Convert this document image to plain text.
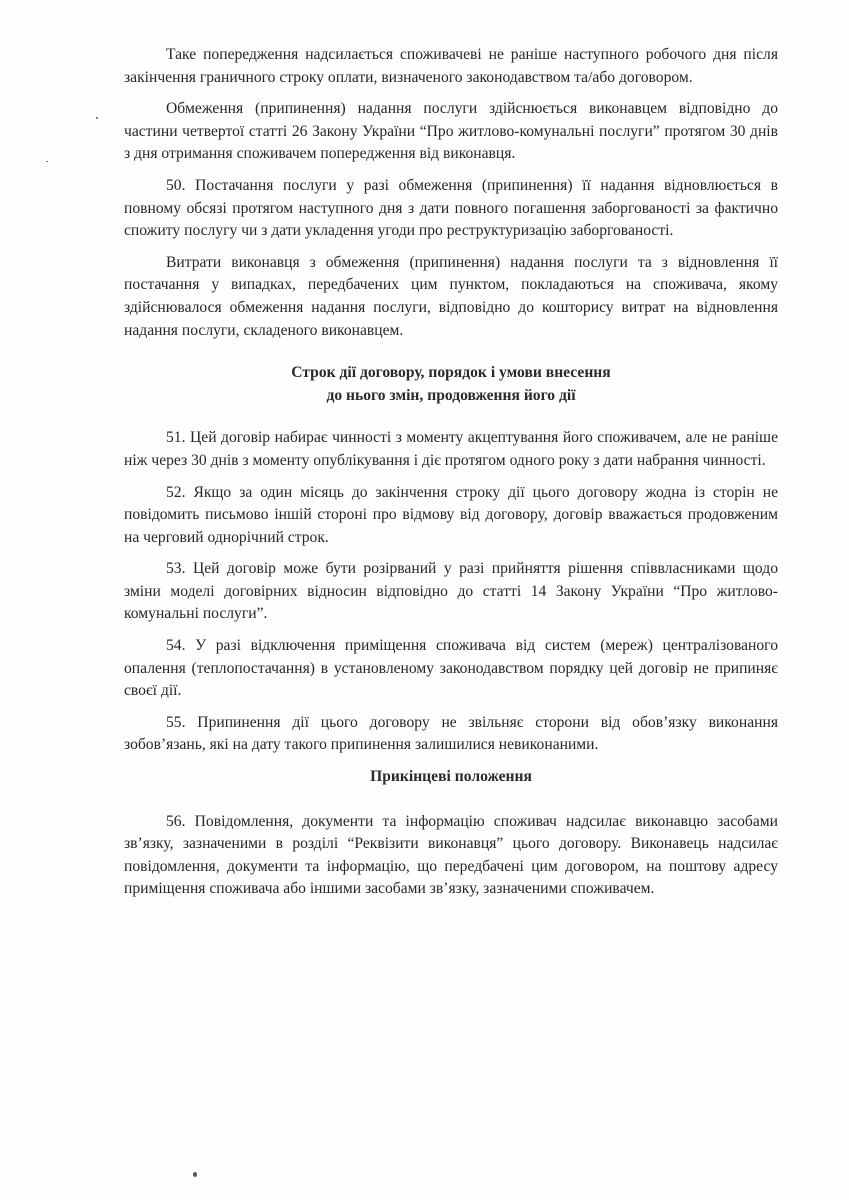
Таке попередження надсилається споживачеві не раніше наступного робочого дня після закінчення граничного строку оплати, визначеного законодавством та/або договором.

Обмеження (припинення) надання послуги здійснюється виконавцем відповідно до частини четвертої статті 26 Закону України “Про житлово-комунальні послуги” протягом 30 днів з дня отримання споживачем попередження від виконавця.

50. Постачання послуги у разі обмеження (припинення) її надання відновлюється в повному обсязі протягом наступного дня з дати повного погашення заборгованості за фактично спожиту послугу чи з дати укладення угоди про реструктуризацію заборгованості.

Витрати виконавця з обмеження (припинення) надання послуги та з відновлення її постачання у випадках, передбачених цим пунктом, покладаються на споживача, якому здійснювалося обмеження надання послуги, відповідно до кошторису витрат на відновлення надання послуги, складеного виконавцем.

Строк дії договору, порядок і умови внесення

до нього змін, продовження його дії

51. Цей договір набирає чинності з моменту акцептування його споживачем, але не раніше ніж через 30 днів з моменту опублікування і діє протягом одного року з дати набрання чинності.

52. Якщо за один місяць до закінчення строку дії цього договору жодна із сторін не повідомить письмово іншій стороні про відмову від договору, договір вважається продовженим на черговий однорічний строк.

53. Цей договір може бути розірваний у разі прийняття рішення співвласниками щодо зміни моделі договірних відносин відповідно до статті 14 Закону України “Про житлово-комунальні послуги”.

54. У разі відключення приміщення споживача від систем (мереж) централізованого опалення (теплопостачання) в установленому законодавством порядку цей договір не припиняє своєї дії.

55. Припинення дії цього договору не звільняє сторони від обов’язку виконання зобов’язань, які на дату такого припинення залишилися невиконаними.

Прикінцеві положення

56. Повідомлення, документи та інформацію споживач надсилає виконавцю засобами зв’язку, зазначеними в розділі “Реквізити виконавця” цього договору. Виконавець надсилає повідомлення, документи та інформацію, що передбачені цим договором, на поштову адресу приміщення споживача або іншими засобами зв’язку, зазначеними споживачем.
